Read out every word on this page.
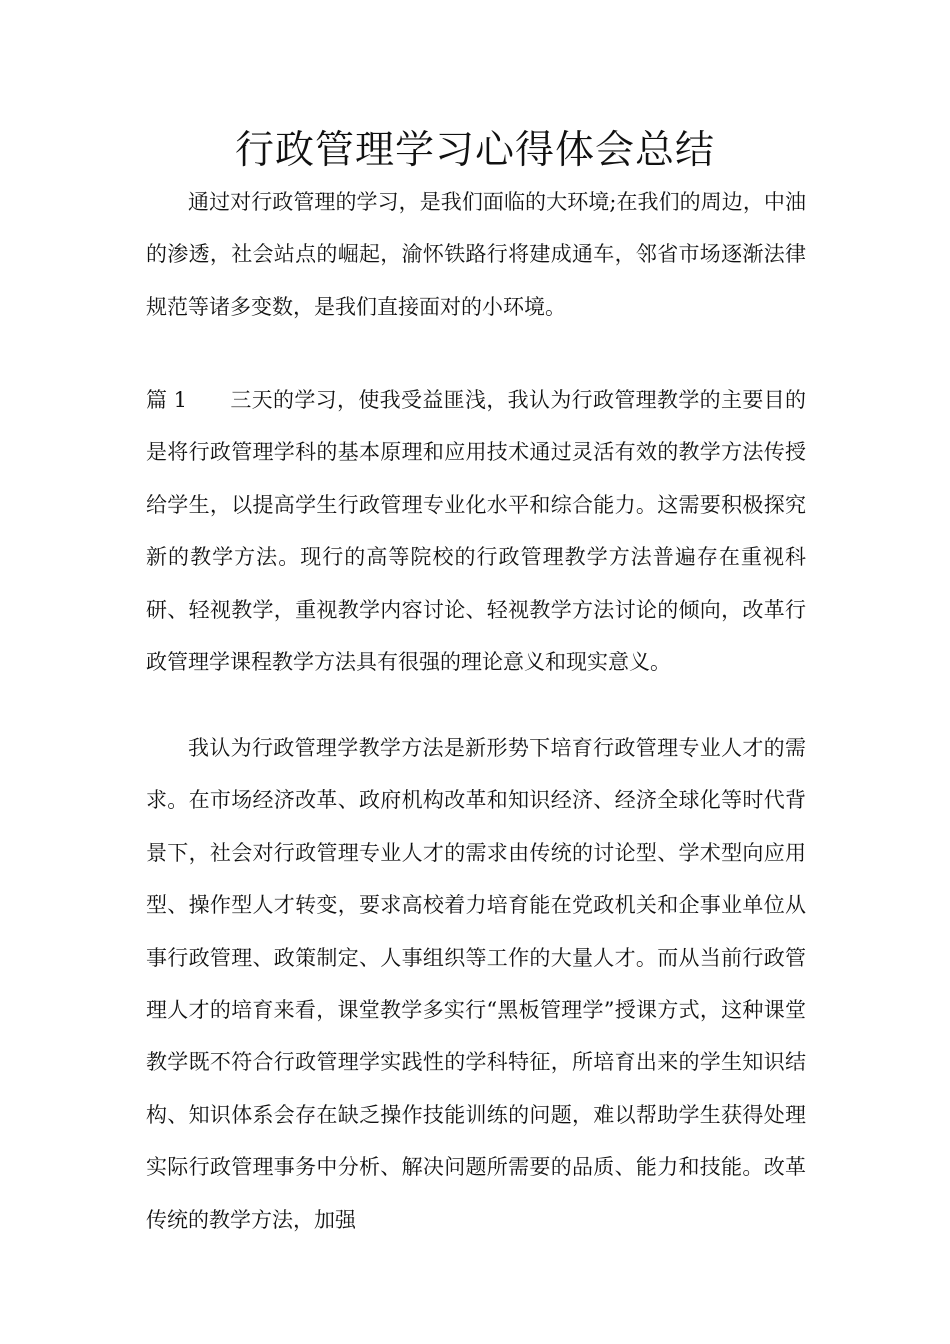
行政管理学习心得体会总结

通过对行政管理的学习，是我们面临的大环境;在我们的周边，中油的渗透，社会站点的崛起，渝怀铁路行将建成通车，邻省市场逐渐法律规范等诸多变数，是我们直接面对的小环境。

篇 1 三天的学习，使我受益匪浅，我认为行政管理教学的主要目的是将行政管理学科的基本原理和应用技术通过灵活有效的教学方法传授给学生，以提高学生行政管理专业化水平和综合能力。这需要积极探究新的教学方法。现行的高等院校的行政管理教学方法普遍存在重视科研、轻视教学，重视教学内容讨论、轻视教学方法讨论的倾向，改革行政管理学课程教学方法具有很强的理论意义和现实意义。

我认为行政管理学教学方法是新形势下培育行政管理专业人才的需求。在市场经济改革、政府机构改革和知识经济、经济全球化等时代背景下，社会对行政管理专业人才的需求由传统的讨论型、学术型向应用型、操作型人才转变，要求高校着力培育能在党政机关和企事业单位从事行政管理、政策制定、人事组织等工作的大量人才。而从当前行政管理人才的培育来看，课堂教学多实行“黑板管理学”授课方式，这种课堂教学既不符合行政管理学实践性的学科特征，所培育出来的学生知识结构、知识体系会存在缺乏操作技能训练的问题，难以帮助学生获得处理实际行政管理事务中分析、解决问题所需要的品质、能力和技能。改革传统的教学方法，加强
